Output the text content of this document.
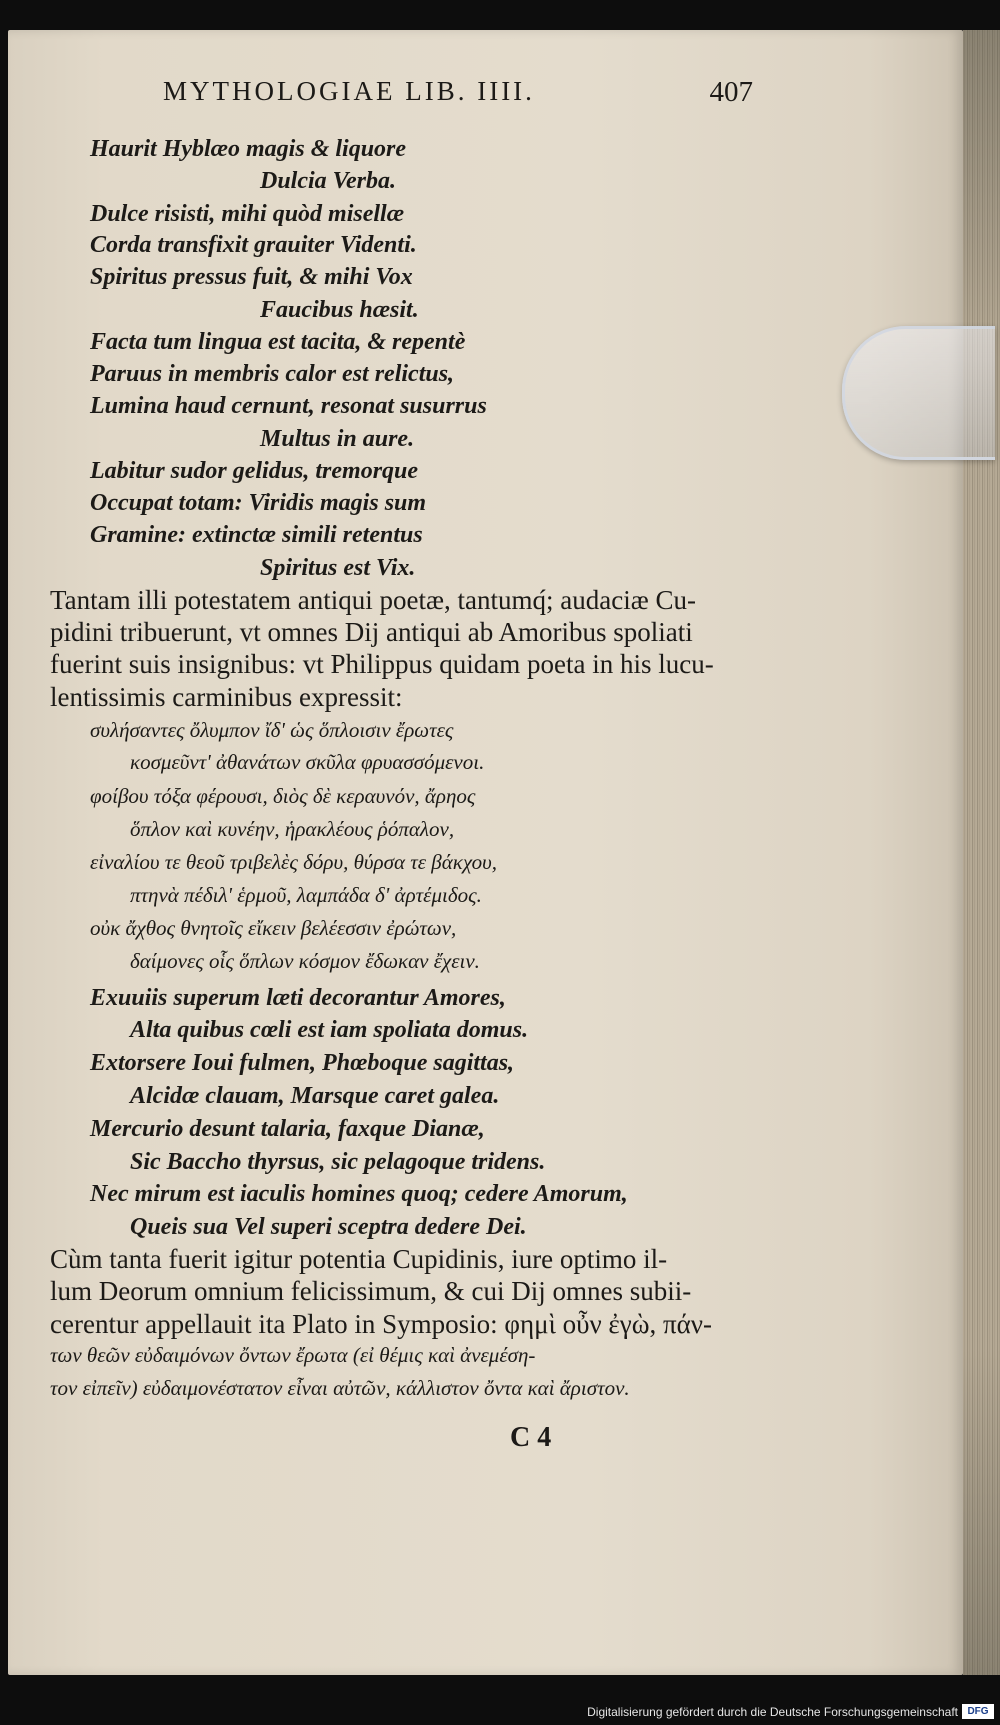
MYTHOLOGIAE LIB. IIII.	407
Haurit Hyblæo magis & liquore
Dulcia Verba.
Dulce risisti, mihi quòd misellæ
Corda transfixit grauiter Videnti.
Spiritus pressus fuit, & mihi Vox
Faucibus hæsit.
Facta tum lingua est tacita, & repentè
Paruus in membris calor est relictus,
Lumina haud cernunt, resonat susurrus
Multus in aure.
Labitur sudor gelidus, tremorque
Occupat totam: Viridis magis sum
Gramine: extinctæ simili retentus
Spiritus est Vix.
Tantam illi potestatem antiqui poetæ, tantumq́; audaciæ Cu-
pidini tribuerunt, vt omnes Dij antiqui ab Amoribus spoliati
fuerint suis insignibus: vt Philippus quidam poeta in his lucu-
lentissimis carminibus expressit:
συλήσαντες ὄλυμπον ἴδ' ὡς ὅπλοισιν ἔρωτες
κοσμεῦντ' ἀθανάτων σκῦλα φρυασσόμενοι.
φοίβου τόξα φέρουσι, διὸς δὲ κεραυνόν, ἄρηος
ὅπλον καὶ κυνέην, ἡρακλέους ῥόπαλον,
εἰναλίου τε θεοῦ τριβελὲς δόρυ, θύρσα τε βάκχου,
πτηνὰ πέδιλ' ἑρμοῦ, λαμπάδα δ' ἀρτέμιδος.
οὐκ ἄχθος θνητοῖς εἴκειν βελέεσσιν ἐρώτων,
δαίμονες οἷς ὅπλων κόσμον ἔδωκαν ἔχειν.
Exuuiis superum læti decorantur Amores,
Alta quibus cœli est iam spoliata domus.
Extorsere Ioui fulmen, Phœboque sagittas,
Alcidæ clauam, Marsque caret galea.
Mercurio desunt talaria, faxque Dianæ,
Sic Baccho thyrsus, sic pelagoque tridens.
Nec mirum est iaculis homines quoq; cedere Amorum,
Queis sua Vel superi sceptra dedere Dei.
Cùm tanta fuerit igitur potentia Cupidinis, iure optimo il-
lum Deorum omnium felicissimum, & cui Dij omnes subii-
cerentur appellauit ita Plato in Symposio: φημὶ οὖν ἐγὼ, πάν-
των θεῶν εὐδαιμόνων ὄντων ἔρωτα (εἰ θέμις καὶ ἀνεμέση-
τον εἰπεῖν) εὐδαιμονέστατον εἶναι αὐτῶν, κάλλιστον ὄντα καὶ ἄριστον.
C 4
Digitalisierung gefördert durch die Deutsche Forschungsgemeinschaft DFG
